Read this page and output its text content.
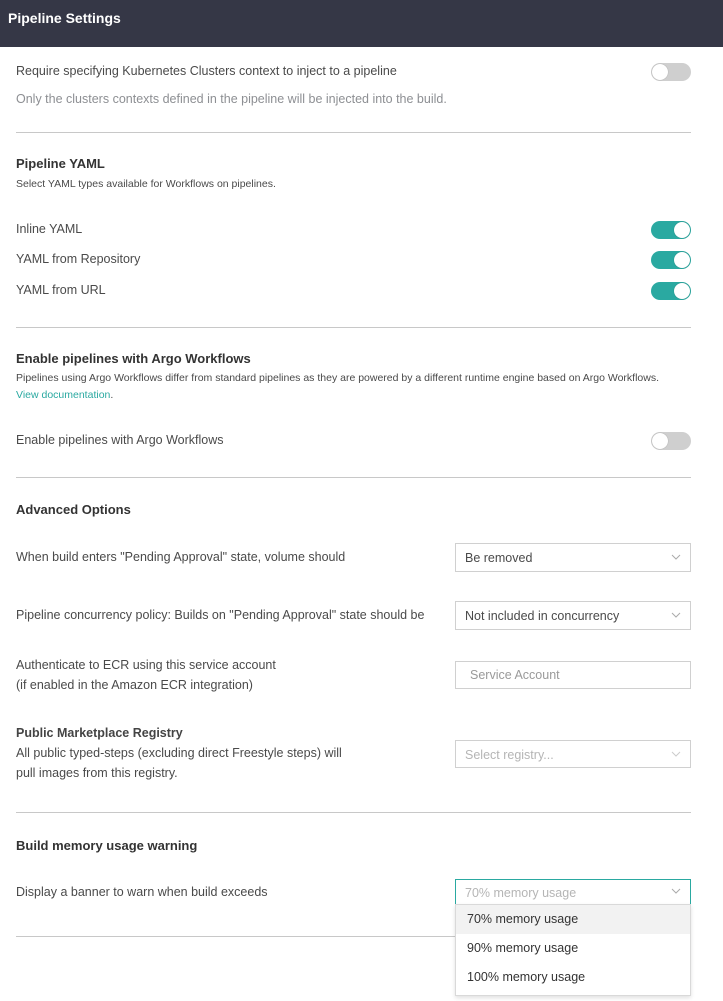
Pipeline Settings
Require specifying Kubernetes Clusters context to inject to a pipeline
Only the clusters contexts defined in the pipeline will be injected into the build.
Pipeline YAML
Select YAML types available for Workflows on pipelines.
Inline YAML
YAML from Repository
YAML from URL
Enable pipelines with Argo Workflows
Pipelines using Argo Workflows differ from standard pipelines as they are powered by a different runtime engine based on Argo Workflows.
View documentation.
Enable pipelines with Argo Workflows
Advanced Options
When build enters "Pending Approval" state, volume should	Be removed
Pipeline concurrency policy: Builds on "Pending Approval" state should be	Not included in concurrency
Authenticate to ECR using this service account
(if enabled in the Amazon ECR integration)
Service Account
Public Marketplace Registry
All public typed-steps (excluding direct Freestyle steps) will
pull images from this registry.
Select registry...
Build memory usage warning
Display a banner to warn when build exceeds	70% memory usage
70% memory usage
90% memory usage
100% memory usage
